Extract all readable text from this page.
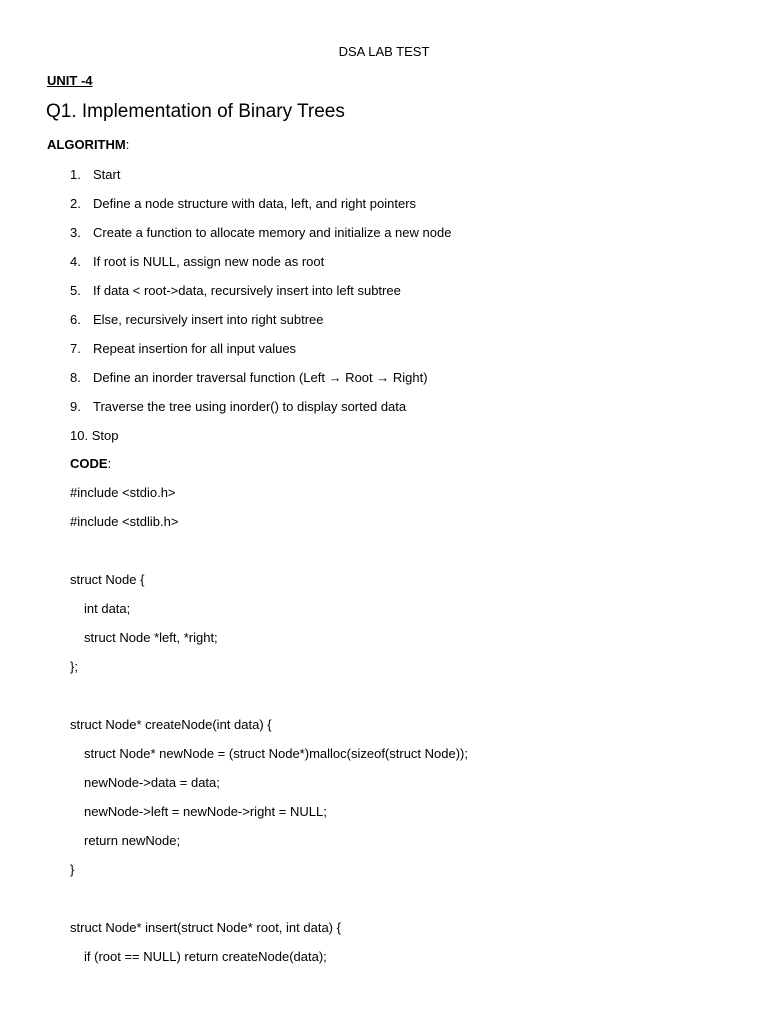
DSA LAB TEST
UNIT -4
Q1. Implementation of Binary Trees
ALGORITHM:
1. Start
2. Define a node structure with data, left, and right pointers
3. Create a function to allocate memory and initialize a new node
4. If root is NULL, assign new node as root
5. If data < root->data, recursively insert into left subtree
6. Else, recursively insert into right subtree
7. Repeat insertion for all input values
8. Define an inorder traversal function (Left → Root → Right)
9. Traverse the tree using inorder() to display sorted data
10. Stop
CODE:
#include <stdio.h>
#include <stdlib.h>
struct Node {
int data;
struct Node *left, *right;
};
struct Node* createNode(int data) {
struct Node* newNode = (struct Node*)malloc(sizeof(struct Node));
newNode->data = data;
newNode->left = newNode->right = NULL;
return newNode;
}
struct Node* insert(struct Node* root, int data) {
if (root == NULL) return createNode(data);
